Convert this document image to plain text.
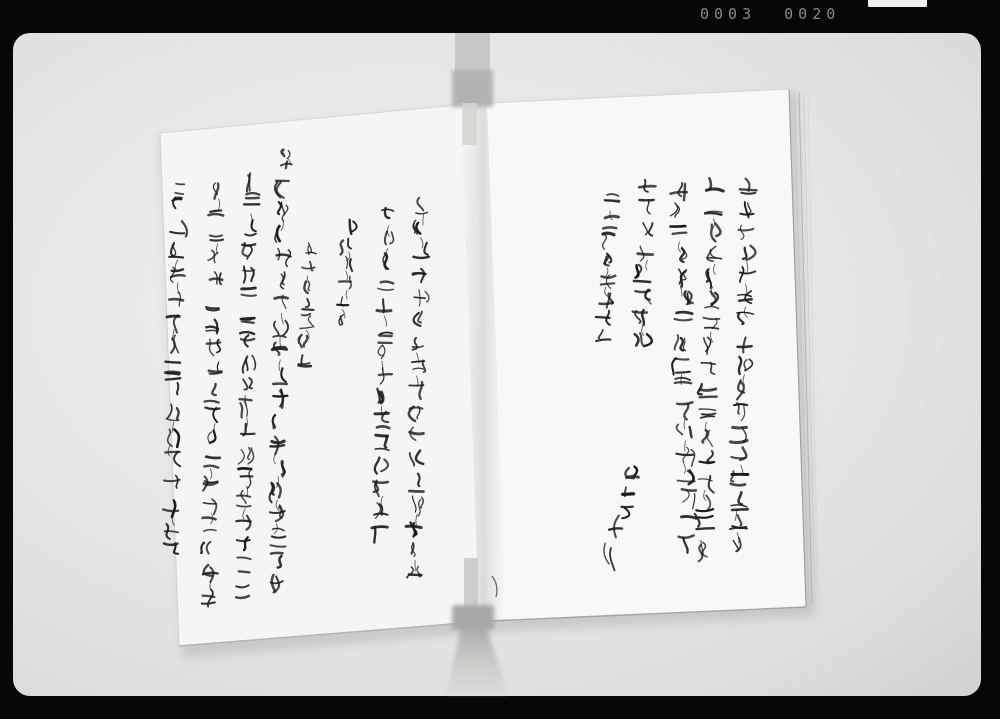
0003 0020
